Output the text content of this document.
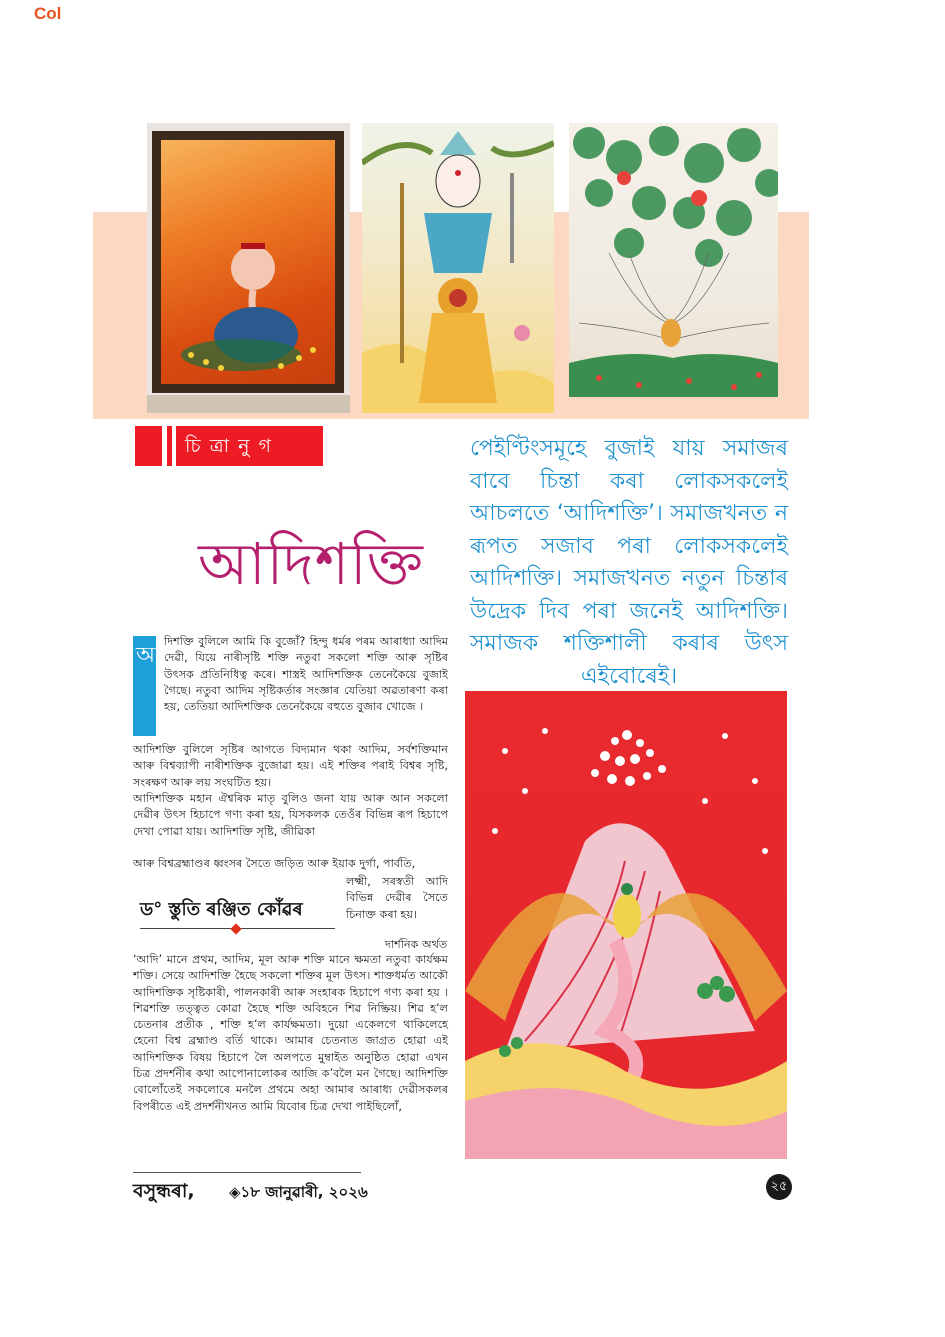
Col
চিত্ৰানুগ
আদিশক্তি
পেইণ্টিংসমূহে বুজাই যায় সমাজৰ বাবে চিন্তা কৰা লোকসকলেই আচলতে ‘আদিশক্তি’। সমাজখনত ন ৰূপত সজাব পৰা লোকসকলেই আদিশক্তি। সমাজখনত নতুন চিন্তাৰ উদ্ৰেক দিব পৰা জনেই আদিশক্তি। সমাজক শক্তিশালী কৰাৰ উৎস এইবোৰেই।
আ
দিশক্তি বুলিলে আমি কি বুজোঁ? হিন্দু ধৰ্মৰ পৰম আৰাধ্যা আদিম দেৱী, যিয়ে নাৰীসৃষ্টি শক্তি নতুবা সকলো শক্তি আৰু সৃষ্টিৰ উৎসক প্ৰতিনিধিত্ব কৰে। শাস্ত্ৰই আদিশক্তিক তেনেকৈয়ে বুজাই গৈছে। নতুবা আদিম সৃষ্টিকৰ্তাৰ সংজ্ঞাৰ যেতিয়া অৱতাৰণা কৰা হয়, তেতিয়া আদিশক্তিক তেনেকৈয়ে বহুতে বুজাব খোজে ।
আদিশক্তি বুলিলে সৃষ্টিৰ আগতে বিদ্যমান থকা আদিম, সৰ্বশক্তিমান আৰু বিশ্বব্যাপী নাৰীশক্তিক বুজোৱা হয়। এই শক্তিৰ পৰাই বিশ্বৰ সৃষ্টি, সংৰক্ষণ আৰু লয় সংঘটিত হয়।
আদিশক্তিক মহান ঐশ্বৰিক মাতৃ বুলিও জনা যায় আৰু আন সকলো দেৱীৰ উৎস হিচাপে গণ্য কৰা হয়, যিসকলক তেওঁৰ বিভিন্ন ৰূপ হিচাপে দেখা পোৱা যায়। আদিশক্তি সৃষ্টি, জীৱিকা
আৰু বিশ্বব্ৰহ্মাণ্ডৰ ধ্বংসৰ সৈতে জড়িত আৰু ইয়াক দুৰ্গা, পাৰ্বতি,
লক্ষ্মী, সৰস্বতী আদি বিভিন্ন দেৱীৰ সৈতে চিনাক্ত কৰা হয়।
ড° স্তুতি ৰঞ্জিত কোঁৱৰ
দাৰ্শনিক অৰ্থত
‘আদি’ মানে প্ৰথম, আদিম, মূল আৰু শক্তি মানে ক্ষমতা নতুবা কাৰ্যক্ষম শক্তি। সেয়ে আদিশক্তি হৈছে সকলো শক্তিৰ মূল উৎস। শাক্তধৰ্মত আকৌ আদিশক্তিক সৃষ্টিকাৰী, পালনকাৰী আৰু সংহাৰক হিচাপে গণ্য কৰা হয় । শিৱশক্তি তত্ত্বত কোৱা হৈছে শক্তি অবিহনে শিৱ নিষ্ক্ৰিয়। শিৱ হ’ল চেতনাৰ প্ৰতীক , শক্তি হ’ল কাৰ্যক্ষমতা। দুয়ো একেলগে থাকিলেহে হেনো বিশ্ব ব্ৰহ্মাণ্ড বৰ্তি থাকে। আমাৰ চেতনাত জাগ্ৰত হোৱা এই আদিশক্তিক বিষয় হিচাপে লৈ অলপতে মুম্বাইত অনুষ্ঠিত হোৱা এখন চিত্ৰ প্ৰদৰ্শনীৰ কথা আপোনালোকৰ আজি ক’বলৈ মন গৈছে। আদিশক্তি বোলোঁতেই সকলোৰে মনলৈ প্ৰথমে অহা আমাৰ আৰাধ্য দেৱীসকলৰ বিপৰীতে এই প্ৰদৰ্শনীখনত আমি যিবোৰ চিত্ৰ দেখা পাইছিলোঁ,
বসুন্ধৰা, ◈১৮ জানুৱাৰী, ২০২৬	২৫
